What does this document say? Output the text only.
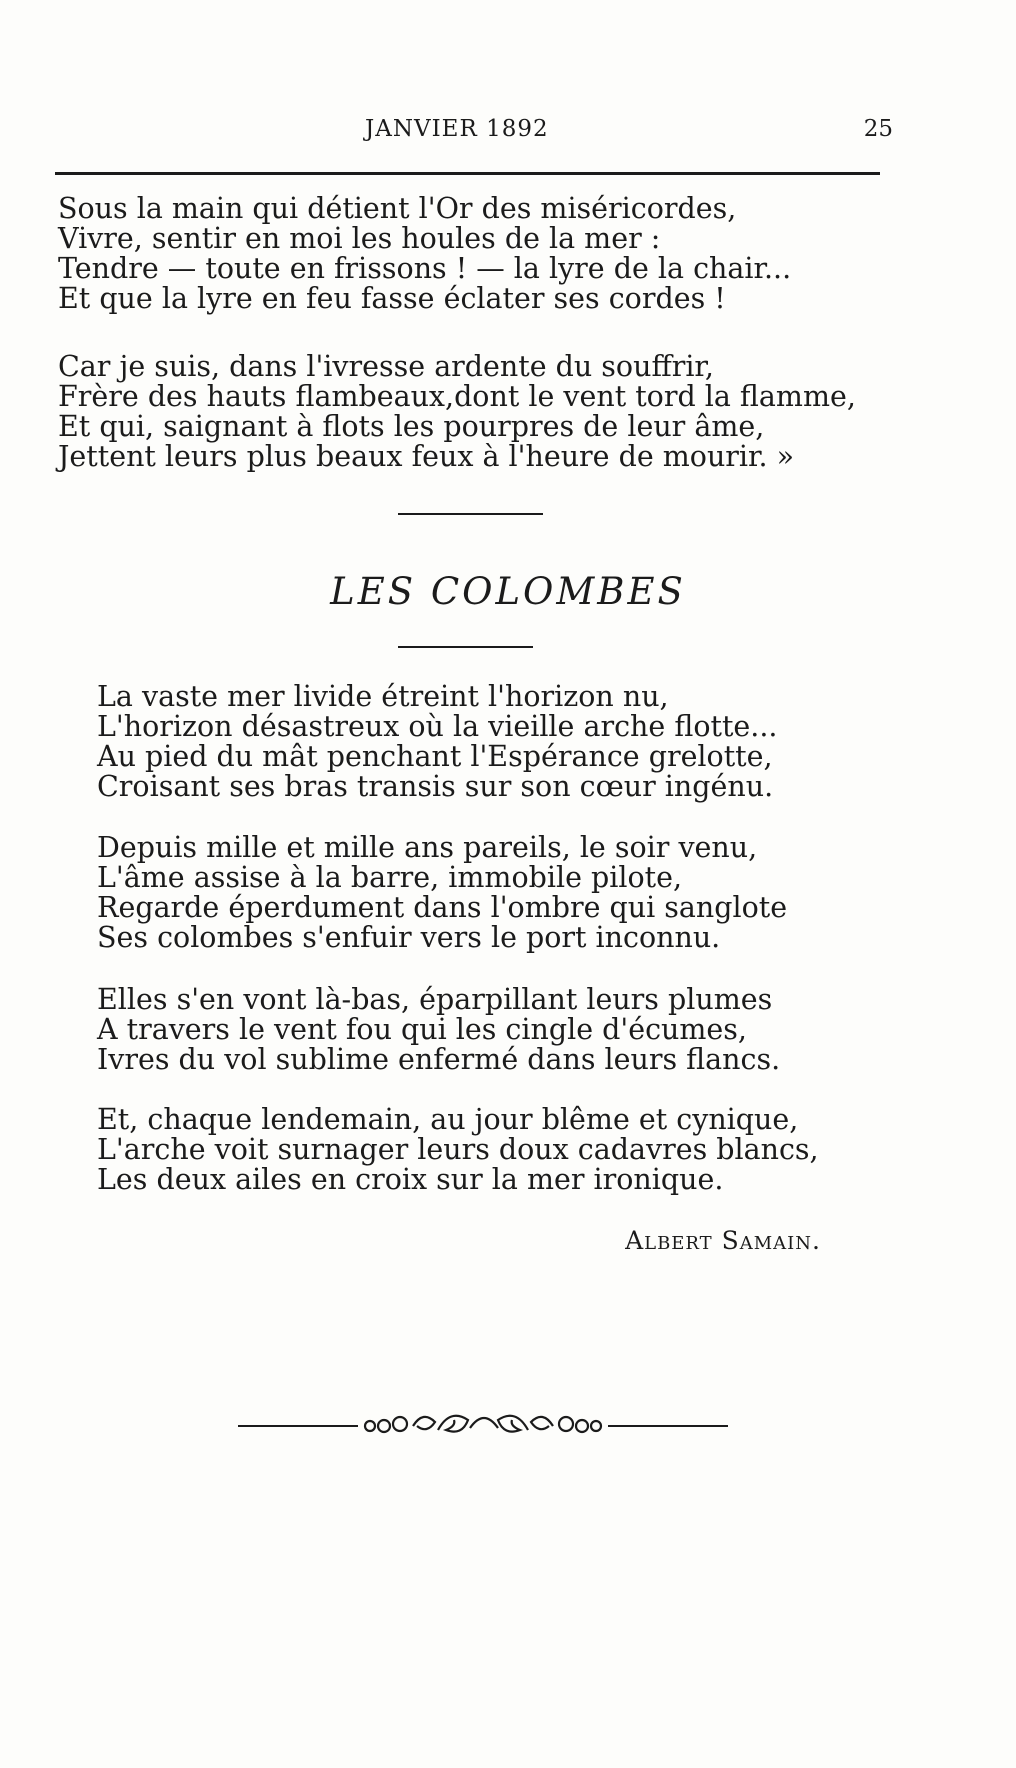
JANVIER 1892	25
Sous la main qui détient l'Or des miséricordes,
Vivre, sentir en moi les houles de la mer :
Tendre — toute en frissons ! — la lyre de la chair...
Et que la lyre en feu fasse éclater ses cordes !
Car je suis, dans l'ivresse ardente du souffrir,
Frère des hauts flambeaux,dont le vent tord la flamme,
Et qui, saignant à flots les pourpres de leur âme,
Jettent leurs plus beaux feux à l'heure de mourir. »
LES COLOMBES
La vaste mer livide étreint l'horizon nu,
L'horizon désastreux où la vieille arche flotte...
Au pied du mât penchant l'Espérance grelotte,
Croisant ses bras transis sur son cœur ingénu.
Depuis mille et mille ans pareils, le soir venu,
L'âme assise à la barre, immobile pilote,
Regarde éperdument dans l'ombre qui sanglote
Ses colombes s'enfuir vers le port inconnu.
Elles s'en vont là-bas, éparpillant leurs plumes
A travers le vent fou qui les cingle d'écumes,
Ivres du vol sublime enfermé dans leurs flancs.
Et, chaque lendemain, au jour blême et cynique,
L'arche voit surnager leurs doux cadavres blancs,
Les deux ailes en croix sur la mer ironique.
Albert Samain.
